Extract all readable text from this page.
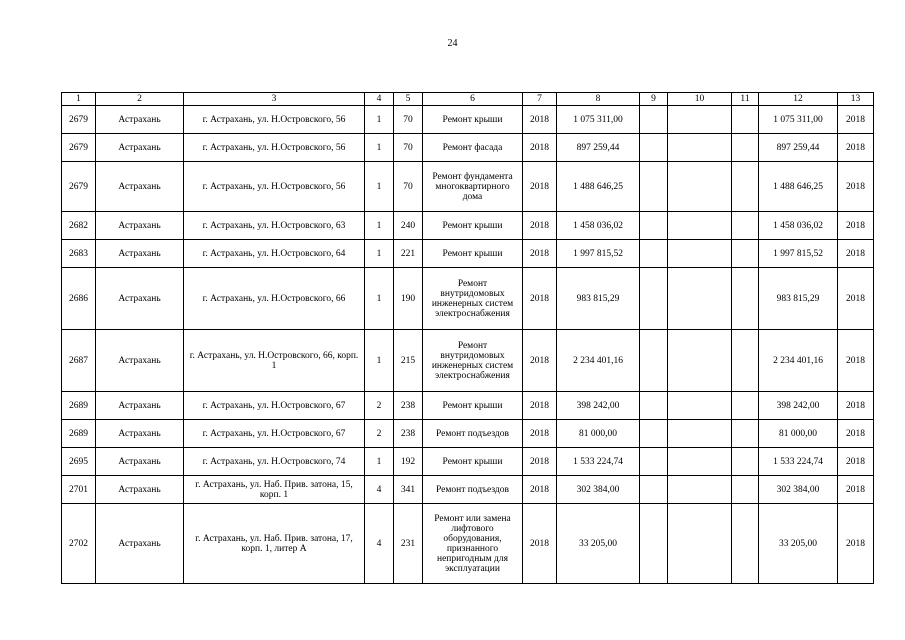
24
1	2	3	4	5	6	7	8	9	10	11	12	13
2679	Астрахань	г. Астрахань, ул. Н.Островского, 56	1	70	Ремонт крыши	2018	1 075 311,00				1 075 311,00	2018
2679	Астрахань	г. Астрахань, ул. Н.Островского, 56	1	70	Ремонт фасада	2018	897 259,44				897 259,44	2018
2679	Астрахань	г. Астрахань, ул. Н.Островского, 56	1	70	Ремонт фундамента многоквартирного дома	2018	1 488 646,25				1 488 646,25	2018
2682	Астрахань	г. Астрахань, ул. Н.Островского, 63	1	240	Ремонт крыши	2018	1 458 036,02				1 458 036,02	2018
2683	Астрахань	г. Астрахань, ул. Н.Островского, 64	1	221	Ремонт крыши	2018	1 997 815,52				1 997 815,52	2018
2686	Астрахань	г. Астрахань, ул. Н.Островского, 66	1	190	Ремонт внутридомовых инженерных систем электроснабжения	2018	983 815,29				983 815,29	2018
2687	Астрахань	г. Астрахань, ул. Н.Островского, 66, корп. 1	1	215	Ремонт внутридомовых инженерных систем электроснабжения	2018	2 234 401,16				2 234 401,16	2018
2689	Астрахань	г. Астрахань, ул. Н.Островского, 67	2	238	Ремонт крыши	2018	398 242,00				398 242,00	2018
2689	Астрахань	г. Астрахань, ул. Н.Островского, 67	2	238	Ремонт подъездов	2018	81 000,00				81 000,00	2018
2695	Астрахань	г. Астрахань, ул. Н.Островского, 74	1	192	Ремонт крыши	2018	1 533 224,74				1 533 224,74	2018
2701	Астрахань	г. Астрахань, ул. Наб. Прив. затона, 15, корп. 1	4	341	Ремонт подъездов	2018	302 384,00				302 384,00	2018
2702	Астрахань	г. Астрахань, ул. Наб. Прив. затона, 17, корп. 1, литер А	4	231	Ремонт или замена лифтового оборудования, признанного непригодным для эксплуатации	2018	33 205,00				33 205,00	2018
